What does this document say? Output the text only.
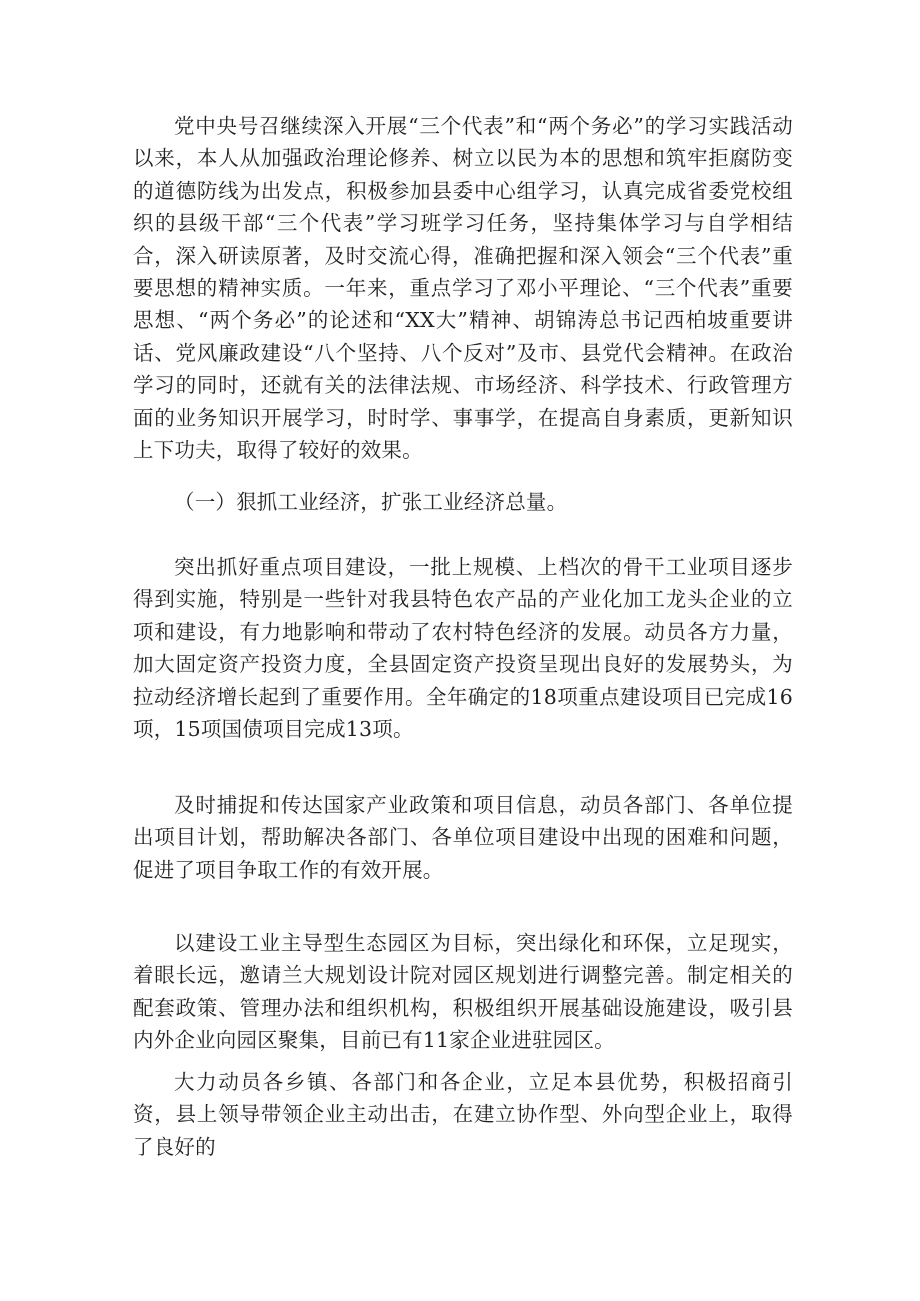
党中央号召继续深入开展“三个代表”和“两个务必”的学习实践活动以来，本人从加强政治理论修养、树立以民为本的思想和筑牢拒腐防变的道德防线为出发点，积极参加县委中心组学习，认真完成省委党校组织的县级干部“三个代表”学习班学习任务，坚持集体学习与自学相结合，深入研读原著，及时交流心得，准确把握和深入领会“三个代表”重要思想的精神实质。一年来，重点学习了邓小平理论、“三个代表”重要思想、“两个务必”的论述和“XX大”精神、胡锦涛总书记西柏坡重要讲话、党风廉政建设“八个坚持、八个反对”及市、县党代会精神。在政治学习的同时，还就有关的法律法规、市场经济、科学技术、行政管理方面的业务知识开展学习，时时学、事事学，在提高自身素质，更新知识上下功夫，取得了较好的效果。

（一）狠抓工业经济，扩张工业经济总量。

突出抓好重点项目建设，一批上规模、上档次的骨干工业项目逐步得到实施，特别是一些针对我县特色农产品的产业化加工龙头企业的立项和建设，有力地影响和带动了农村特色经济的发展。动员各方力量，加大固定资产投资力度，全县固定资产投资呈现出良好的发展势头，为拉动经济增长起到了重要作用。全年确定的18项重点建设项目已完成16项，15项国债项目完成13项。

及时捕捉和传达国家产业政策和项目信息，动员各部门、各单位提出项目计划，帮助解决各部门、各单位项目建设中出现的困难和问题，促进了项目争取工作的有效开展。

以建设工业主导型生态园区为目标，突出绿化和环保，立足现实，着眼长远，邀请兰大规划设计院对园区规划进行调整完善。制定相关的配套政策、管理办法和组织机构，积极组织开展基础设施建设，吸引县内外企业向园区聚集，目前已有11家企业进驻园区。

大力动员各乡镇、各部门和各企业，立足本县优势，积极招商引资，县上领导带领企业主动出击，在建立协作型、外向型企业上，取得了良好的
